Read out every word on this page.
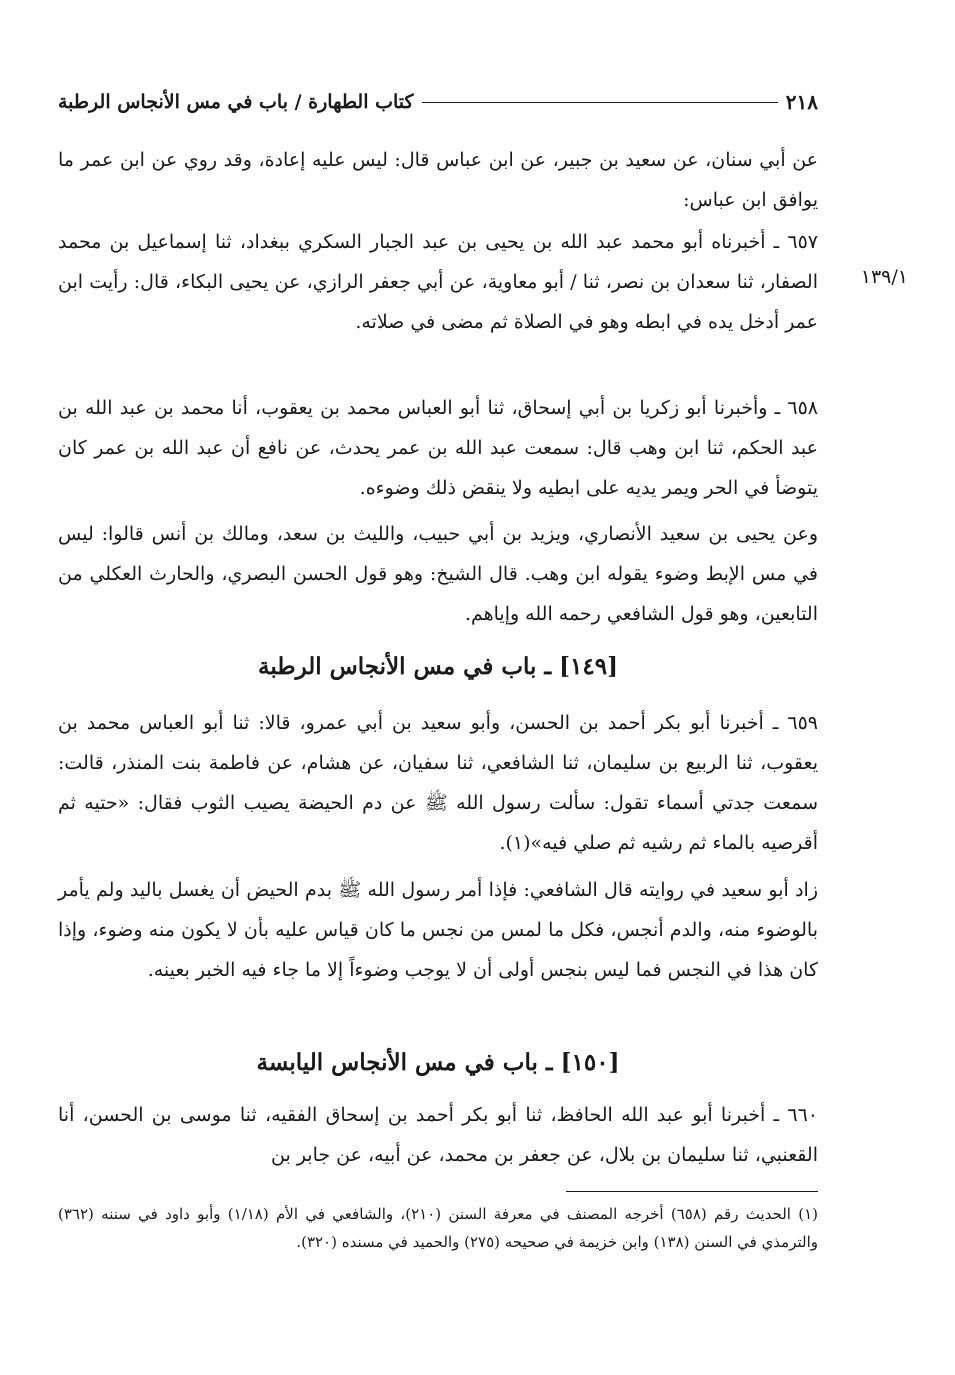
٢١٨
كتاب الطهارة / باب في مس الأنجاس الرطبة
١٣٩/١
عن أبي سنان، عن سعيد بن جبير، عن ابن عباس قال: ليس عليه إعادة، وقد روي عن ابن عمر ما يوافق ابن عباس:
٦٥٧ ـ أخبرناه أبو محمد عبد الله بن يحيى بن عبد الجبار السكري ببغداد، ثنا إسماعيل بن محمد الصفار، ثنا سعدان بن نصر، ثنا / أبو معاوية، عن أبي جعفر الرازي، عن يحيى البكاء، قال: رأيت ابن عمر أدخل يده في ابطه وهو في الصلاة ثم مضى في صلاته.
٦٥٨ ـ وأخبرنا أبو زكريا بن أبي إسحاق، ثنا أبو العباس محمد بن يعقوب، أنا محمد بن عبد الله بن عبد الحكم، ثنا ابن وهب قال: سمعت عبد الله بن عمر يحدث، عن نافع أن عبد الله بن عمر كان يتوضأ في الحر ويمر يديه على ابطيه ولا ينقض ذلك وضوءه.
وعن يحيى بن سعيد الأنصاري، ويزيد بن أبي حبيب، والليث بن سعد، ومالك بن أنس قالوا: ليس في مس الإبط وضوء يقوله ابن وهب. قال الشيخ: وهو قول الحسن البصري، والحارث العكلي من التابعين، وهو قول الشافعي رحمه الله وإياهم.
[١٤٩] ـ باب في مس الأنجاس الرطبة
٦٥٩ ـ أخبرنا أبو بكر أحمد بن الحسن، وأبو سعيد بن أبي عمرو، قالا: ثنا أبو العباس محمد بن يعقوب، ثنا الربيع بن سليمان، ثنا الشافعي، ثنا سفيان، عن هشام، عن فاطمة بنت المنذر، قالت: سمعت جدتي أسماء تقول: سألت رسول الله ﷺ عن دم الحيضة يصيب الثوب فقال: «حتيه ثم أقرصيه بالماء ثم رشيه ثم صلي فيه»(١).
زاد أبو سعيد في روايته قال الشافعي: فإذا أمر رسول الله ﷺ بدم الحيض أن يغسل باليد ولم يأمر بالوضوء منه، والدم أنجس، فكل ما لمس من نجس ما كان قياس عليه بأن لا يكون منه وضوء، وإذا كان هذا في النجس فما ليس بنجس أولى أن لا يوجب وضوءاً إلا ما جاء فيه الخبر بعينه.
[١٥٠] ـ باب في مس الأنجاس اليابسة
٦٦٠ ـ أخبرنا أبو عبد الله الحافظ، ثنا أبو بكر أحمد بن إسحاق الفقيه، ثنا موسى بن الحسن، أنا القعنبي، ثنا سليمان بن بلال، عن جعفر بن محمد، عن أبيه، عن جابر بن
(١) الحديث رقم (٦٥٨) أخرجه المصنف في معرفة السنن (٢١٠)، والشافعي في الأم (١/١٨) وأبو داود في سننه (٣٦٢) والترمذي في السنن (١٣٨) وابن خزيمة في صحيحه (٢٧٥) والحميد في مسنده (٣٢٠).
